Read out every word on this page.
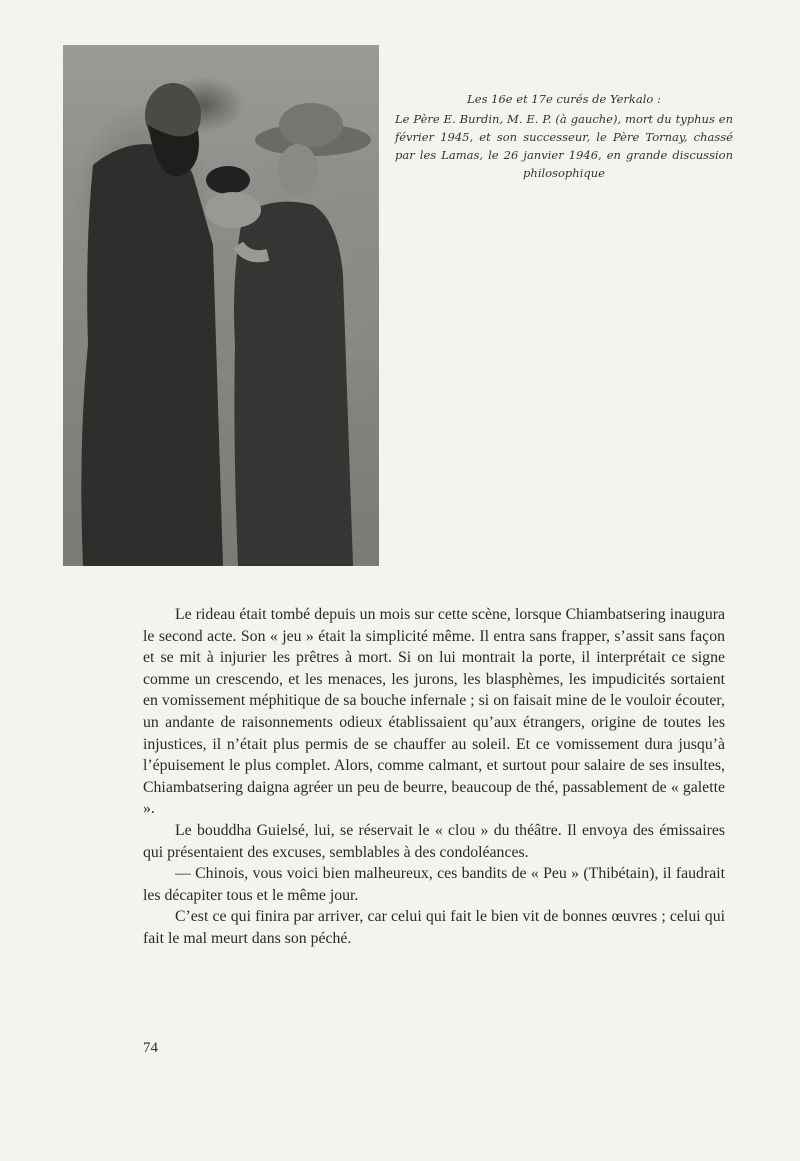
Les 16e et 17e curés de Yerkalo :
Le Père E. Burdin, M. E. P. (à gauche), mort du typhus en février 1945, et son successeur, le Père Tornay, chassé par les Lamas, le 26 janvier 1946, en grande discussion philosophique

Le rideau était tombé depuis un mois sur cette scène, lorsque Chiambatsering inaugura le second acte. Son « jeu » était la simplicité même. Il entra sans frapper, s’assit sans façon et se mit à injurier les prêtres à mort. Si on lui montrait la porte, il interprétait ce signe comme un crescendo, et les menaces, les jurons, les blasphèmes, les impudicités sortaient en vomissement méphitique de sa bouche infernale ; si on faisait mine de le vouloir écouter, un andante de raisonnements odieux établissaient qu’aux étrangers, origine de toutes les injustices, il n’était plus permis de se chauffer au soleil. Et ce vomissement dura jusqu’à l’épuisement le plus complet. Alors, comme calmant, et surtout pour salaire de ses insultes, Chiambatsering daigna agréer un peu de beurre, beaucoup de thé, passablement de « galette ».

Le bouddha Guielsé, lui, se réservait le « clou » du théâtre. Il envoya des émissaires qui présentaient des excuses, semblables à des condoléances.

— Chinois, vous voici bien malheureux, ces bandits de « Peu » (Thibétain), il faudrait les décapiter tous et le même jour.

C’est ce qui finira par arriver, car celui qui fait le bien vit de bonnes œuvres ; celui qui fait le mal meurt dans son péché.

74
